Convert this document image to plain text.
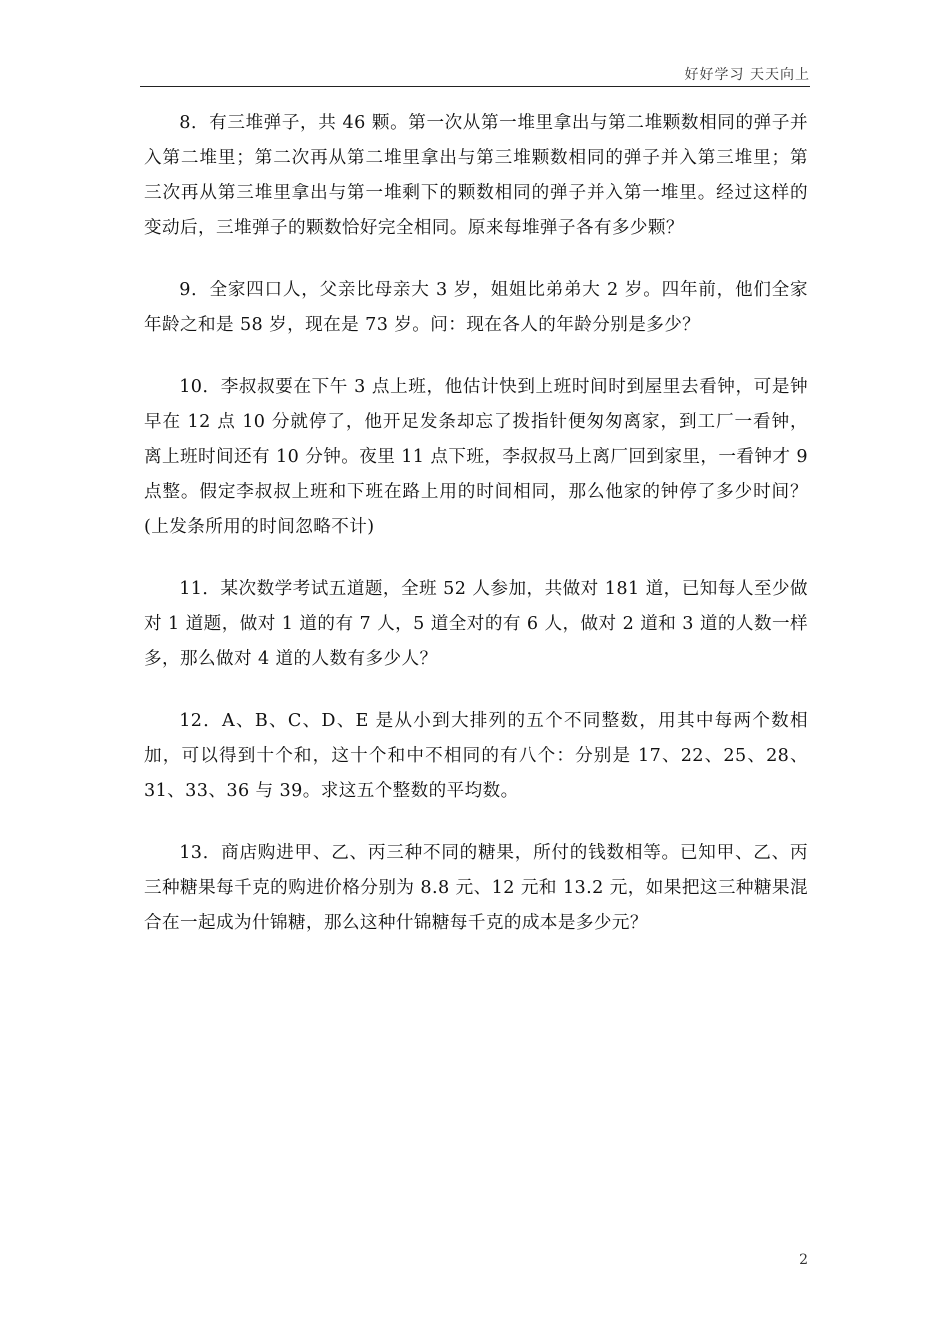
好好学习 天天向上

8．有三堆弹子，共 46 颗。第一次从第一堆里拿出与第二堆颗数相同的弹子并入第二堆里；第二次再从第二堆里拿出与第三堆颗数相同的弹子并入第三堆里；第三次再从第三堆里拿出与第一堆剩下的颗数相同的弹子并入第一堆里。经过这样的变动后，三堆弹子的颗数恰好完全相同。原来每堆弹子各有多少颗？

9．全家四口人，父亲比母亲大 3 岁，姐姐比弟弟大 2 岁。四年前，他们全家年龄之和是 58 岁，现在是 73 岁。问：现在各人的年龄分别是多少？

10．李叔叔要在下午 3 点上班，他估计快到上班时间时到屋里去看钟，可是钟早在 12 点 10 分就停了，他开足发条却忘了拨指针便匆匆离家，到工厂一看钟，离上班时间还有 10 分钟。夜里 11 点下班，李叔叔马上离厂回到家里，一看钟才 9 点整。假定李叔叔上班和下班在路上用的时间相同，那么他家的钟停了多少时间？(上发条所用的时间忽略不计)

11．某次数学考试五道题，全班 52 人参加，共做对 181 道，已知每人至少做对 1 道题，做对 1 道的有 7 人，5 道全对的有 6 人，做对 2 道和 3 道的人数一样多，那么做对 4 道的人数有多少人？

12．A、B、C、D、E 是从小到大排列的五个不同整数，用其中每两个数相加，可以得到十个和，这十个和中不相同的有八个：分别是 17、22、25、28、31、33、36 与 39。求这五个整数的平均数。

13．商店购进甲、乙、丙三种不同的糖果，所付的钱数相等。已知甲、乙、丙三种糖果每千克的购进价格分别为 8.8 元、12 元和 13.2 元，如果把这三种糖果混合在一起成为什锦糖，那么这种什锦糖每千克的成本是多少元？

2
